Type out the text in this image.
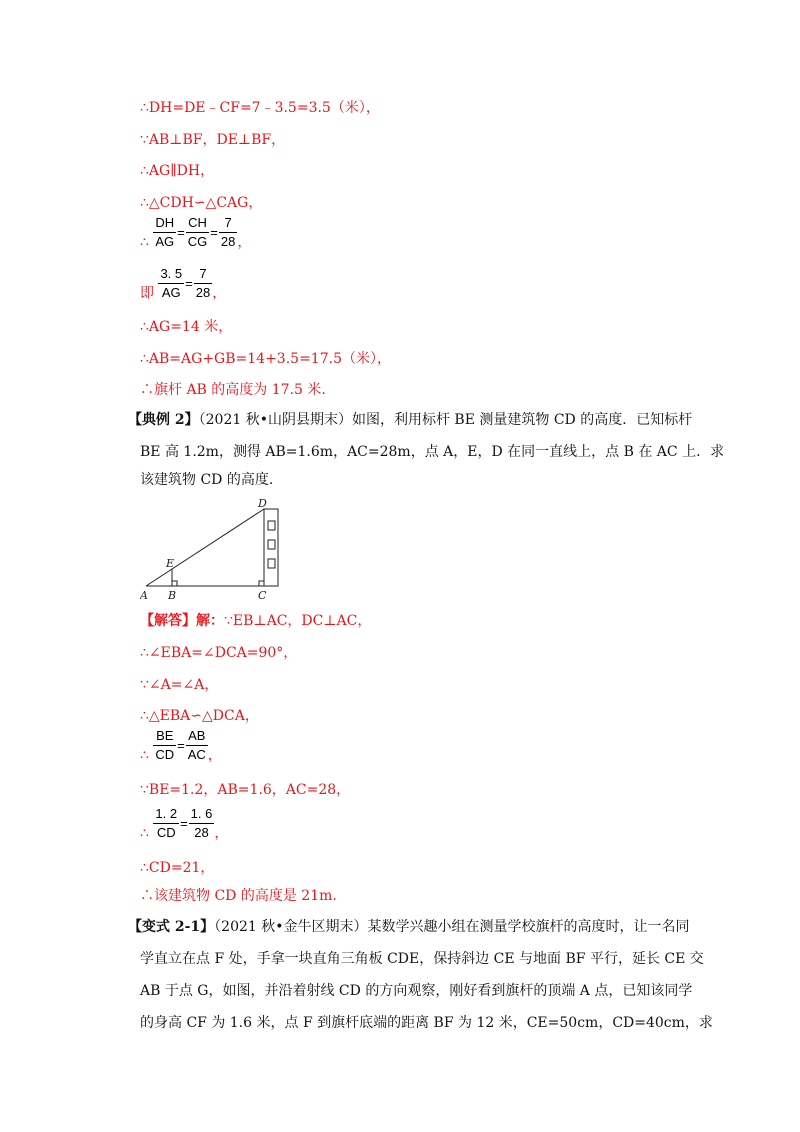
∴DH=DE﹣CF=7﹣3.5=3.5（米），
∵AB⊥BF，DE⊥BF，
∴AG∥DH，
∴△CDH∽△CAG，
∴ $\frac{DH}{AG} = \frac{CH}{CG} = \frac{7}{28}$ ，
即 $\frac{3. 5}{AG} = \frac{7}{28}$ ，
∴AG=14 米，
∴AB=AG+GB=14+3.5=17.5（米），
∴旗杆 AB 的高度为 17.5 米.
【典例 2】（2021 秋•山阴县期末）如图，利用标杆 BE 测量建筑物 CD 的高度．已知标杆
BE 高 1.2m，测得 AB=1.6m，AC=28m，点 A，E，D 在同一直线上，点 B 在 AC 上．求
该建筑物 CD 的高度.
A B	C
D
E
【解答】解：∵EB⊥AC，DC⊥AC，
∴∠EBA=∠DCA=90°，
∵∠A=∠A，
∴△EBA∽△DCA，
∴ $\frac{BE}{CD} = \frac{AB}{AC}$ ，
∵BE=1.2，AB=1.6，AC=28，
∴ $\frac{1. 2}{CD} = \frac{1. 6}{28}$ ，
∴CD=21，
∴该建筑物 CD 的高度是 21m.
【变式 2-1】（2021 秋•金牛区期末）某数学兴趣小组在测量学校旗杆的高度时，让一名同
学直立在点 F 处，手拿一块直角三角板 CDE，保持斜边 CE 与地面 BF 平行，延长 CE 交
AB 于点 G，如图，并沿着射线 CD 的方向观察，刚好看到旗杆的顶端 A 点，已知该同学
的身高 CF 为 1.6 米，点 F 到旗杆底端的距离 BF 为 12 米，CE=50cm，CD=40cm，求
